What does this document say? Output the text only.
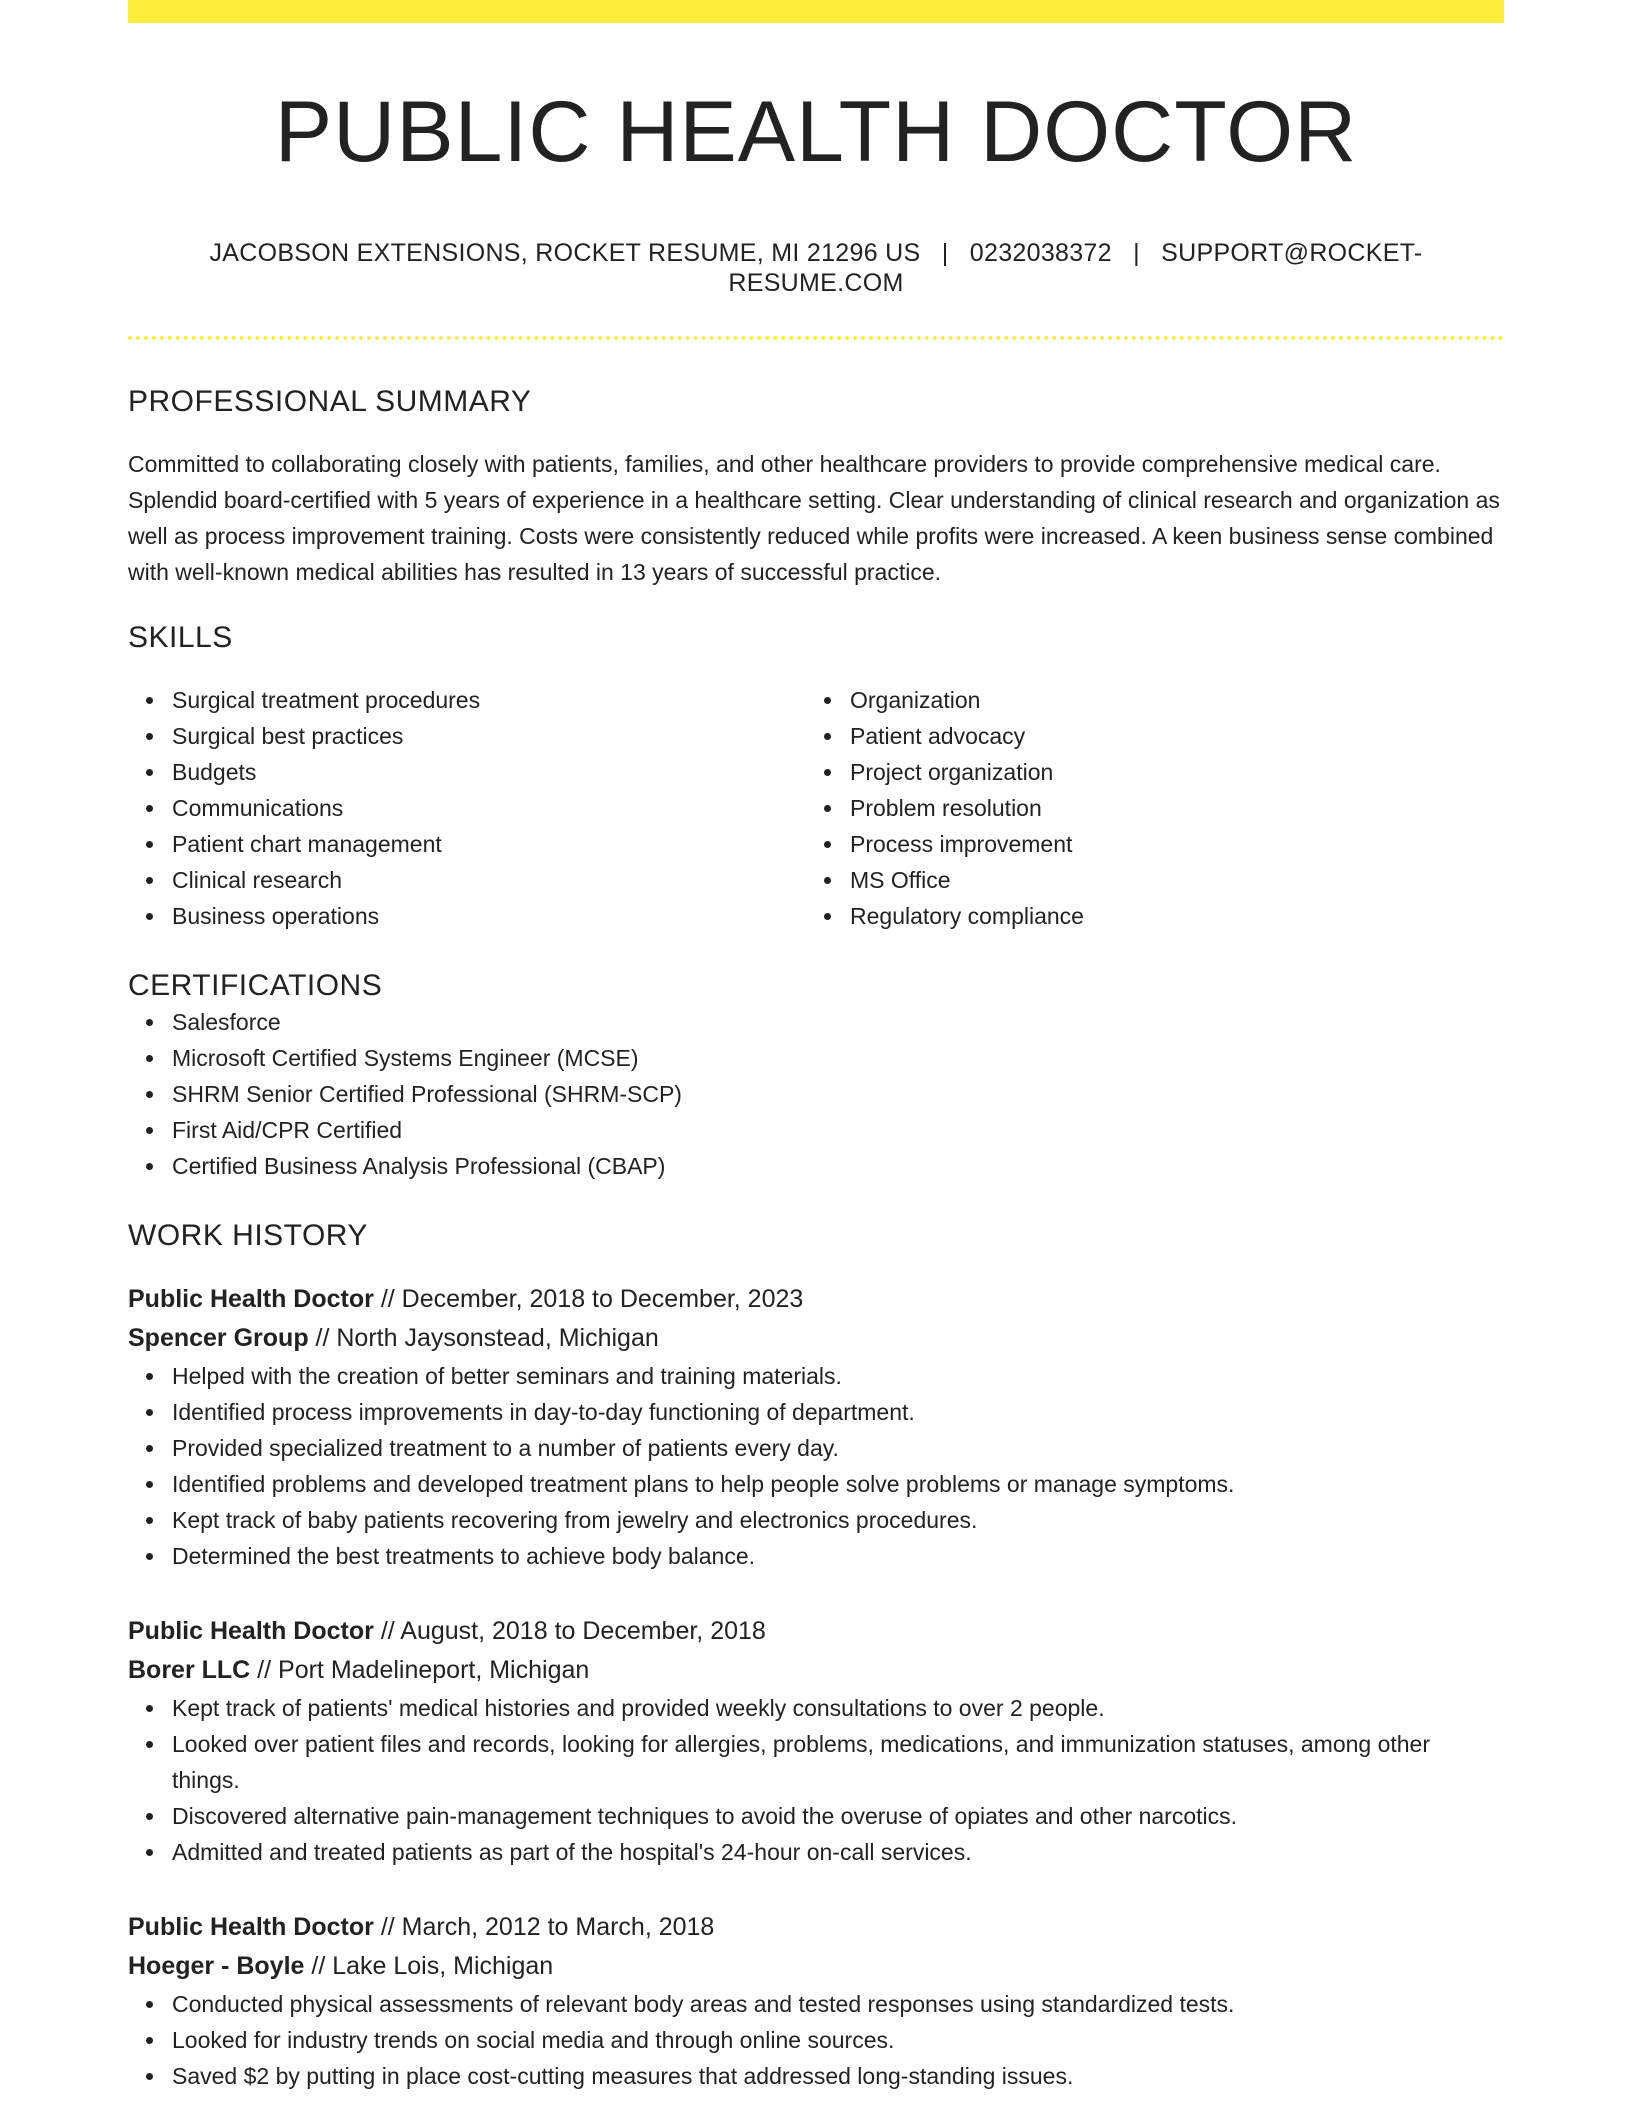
PUBLIC HEALTH DOCTOR
JACOBSON EXTENSIONS, ROCKET RESUME, MI 21296 US | 0232038372 | SUPPORT@ROCKET-RESUME.COM
PROFESSIONAL SUMMARY

Committed to collaborating closely with patients, families, and other healthcare providers to provide comprehensive medical care. Splendid board-certified with 5 years of experience in a healthcare setting. Clear understanding of clinical research and organization as well as process improvement training. Costs were consistently reduced while profits were increased. A keen business sense combined with well-known medical abilities has resulted in 13 years of successful practice.

SKILLS
Surgical treatment procedures
Surgical best practices
Budgets
Communications
Patient chart management
Clinical research
Business operations
Organization
Patient advocacy
Project organization
Problem resolution
Process improvement
MS Office
Regulatory compliance
CERTIFICATIONS
Salesforce
Microsoft Certified Systems Engineer (MCSE)
SHRM Senior Certified Professional (SHRM-SCP)
First Aid/CPR Certified
Certified Business Analysis Professional (CBAP)
WORK HISTORY
Public Health Doctor // December, 2018 to December, 2023
Spencer Group // North Jaysonstead, Michigan
Helped with the creation of better seminars and training materials.
Identified process improvements in day-to-day functioning of department.
Provided specialized treatment to a number of patients every day.
Identified problems and developed treatment plans to help people solve problems or manage symptoms.
Kept track of baby patients recovering from jewelry and electronics procedures.
Determined the best treatments to achieve body balance.
Public Health Doctor // August, 2018 to December, 2018
Borer LLC // Port Madelineport, Michigan
Kept track of patients' medical histories and provided weekly consultations to over 2 people.
Looked over patient files and records, looking for allergies, problems, medications, and immunization statuses, among other things.
Discovered alternative pain-management techniques to avoid the overuse of opiates and other narcotics.
Admitted and treated patients as part of the hospital's 24-hour on-call services.
Public Health Doctor // March, 2012 to March, 2018
Hoeger - Boyle // Lake Lois, Michigan
Conducted physical assessments of relevant body areas and tested responses using standardized tests.
Looked for industry trends on social media and through online sources.
Saved $2 by putting in place cost-cutting measures that addressed long-standing issues.
